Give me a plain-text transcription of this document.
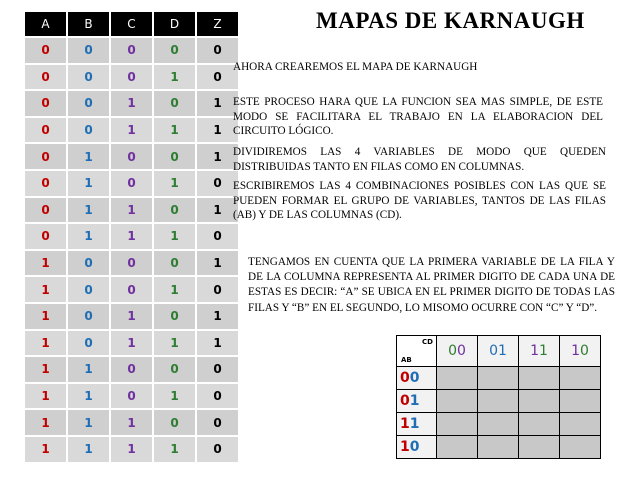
A	B	C	D	Z
0	0	0	0	0
0	0	0	1	0
0	0	1	0	1
0	0	1	1	1
0	1	0	0	1
0	1	0	1	0
0	1	1	0	1
0	1	1	1	0
1	0	0	0	1
1	0	0	1	0
1	0	1	0	1
1	0	1	1	1
1	1	0	0	0
1	1	0	1	0
1	1	1	0	0
1	1	1	1	0
MAPAS DE KARNAUGH
AHORA CREAREMOS EL MAPA DE KARNAUGH
ESTE PROCESO HARA QUE LA FUNCION SEA MAS SIMPLE, DE ESTE MODO SE FACILITARA EL TRABAJO EN LA ELABORACION DEL CIRCUITO LÓGICO.
DIVIDIREMOS LAS 4 VARIABLES DE MODO QUE QUEDEN DISTRIBUIDAS TANTO EN FILAS COMO EN COLUMNAS.
ESCRIBIREMOS LAS 4 COMBINACIONES POSIBLES CON LAS QUE SE PUEDEN FORMAR EL GRUPO DE VARIABLES, TANTOS DE LAS FILAS (AB) Y DE LAS COLUMNAS (CD).
TENGAMOS EN CUENTA QUE LA PRIMERA VARIABLE DE LA FILA Y DE LA COLUMNA REPRESENTA AL PRIMER DIGITO DE CADA UNA DE ESTAS ES DECIR: “A” SE UBICA EN EL PRIMER DIGITO DE TODAS LAS FILAS Y “B” EN EL SEGUNDO, LO MISOMO OCURRE CON “C” Y “D”.
CD
AB	00	01	11	10
00				
01				
11				
10				
